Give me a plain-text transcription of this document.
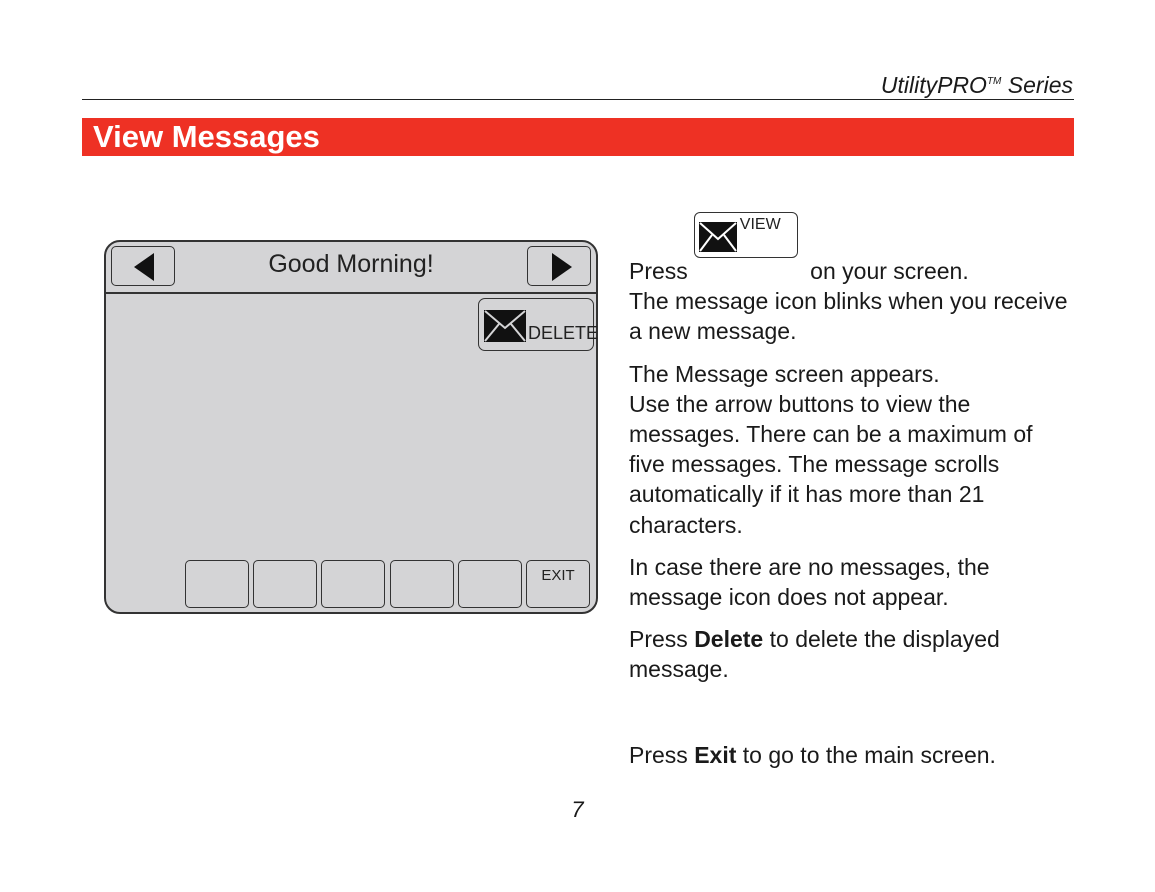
UtilityPRO™ Series
View Messages
Good Morning!
DELETE
EXIT

Press
VIEW
on your screen.
The message icon blinks when you receive a new message.

The Message screen appears.
Use the arrow buttons to view the messages. There can be a maximum of five messages. The message scrolls automatically if it has more than 21 characters.

In case there are no messages, the message icon does not appear.

Press Delete to delete the displayed message.

Press Exit to go to the main screen.

7
